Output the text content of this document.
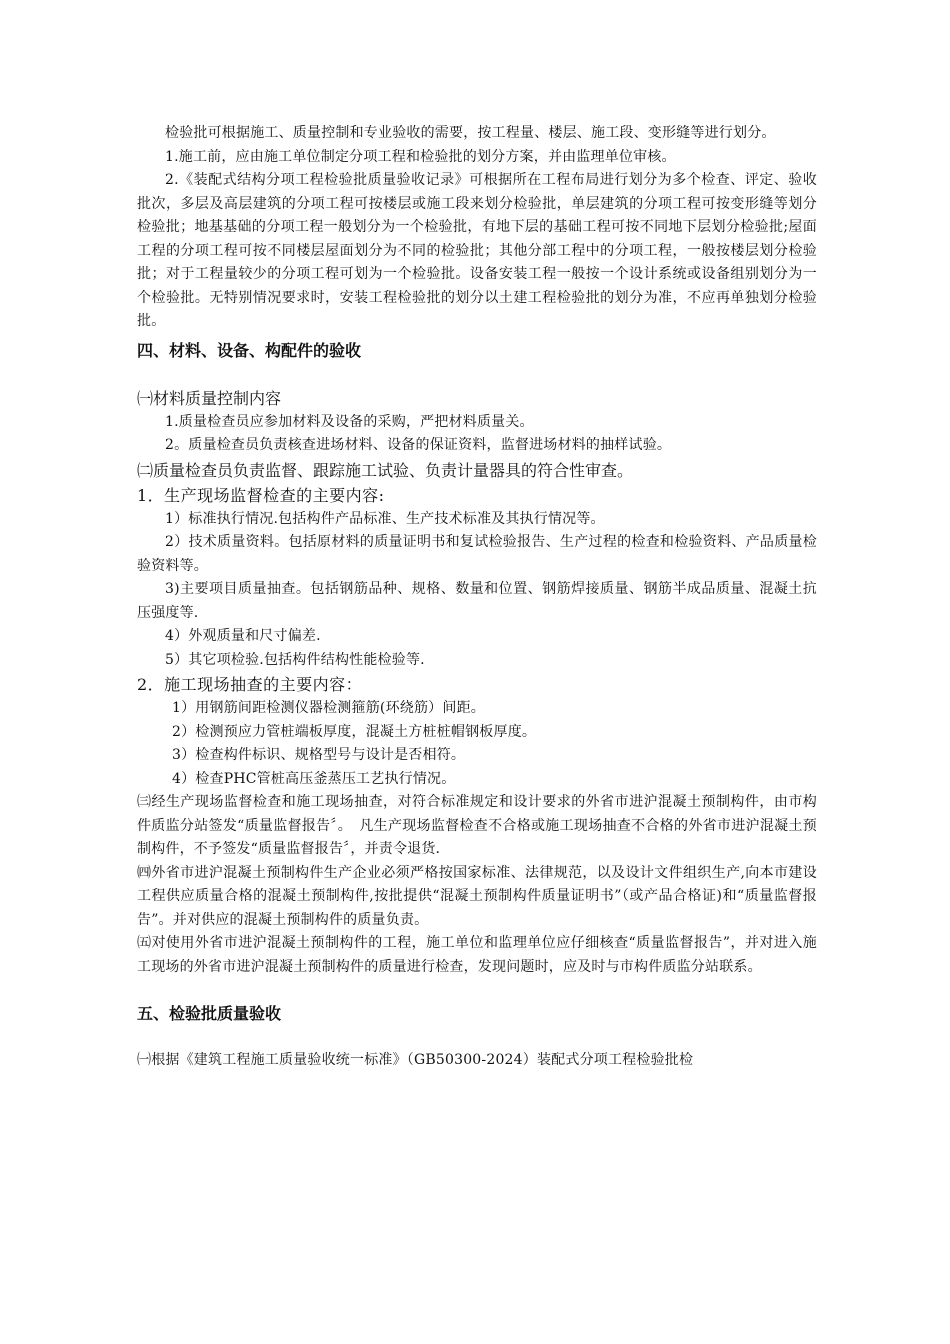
检验批可根据施工、质量控制和专业验收的需要，按工程量、楼层、施工段、变形缝等进行划分。

1.施工前，应由施工单位制定分项工程和检验批的划分方案，并由监理单位审核。

2.《装配式结构分项工程检验批质量验收记录》可根据所在工程布局进行划分为多个检查、评定、验收批次，多层及高层建筑的分项工程可按楼层或施工段来划分检验批，单层建筑的分项工程可按变形缝等划分检验批；地基基础的分项工程一般划分为一个检验批，有地下层的基础工程可按不同地下层划分检验批;屋面工程的分项工程可按不同楼层屋面划分为不同的检验批；其他分部工程中的分项工程，一般按楼层划分检验批；对于工程量较少的分项工程可划为一个检验批。设备安装工程一般按一个设计系统或设备组别划分为一个检验批。无特别情况要求时，安装工程检验批的划分以土建工程检验批的划分为准，不应再单独划分检验批。

四、材料、设备、构配件的验收

㈠材料质量控制内容

1.质量检查员应参加材料及设备的采购，严把材料质量关。

2。质量检查员负责核查进场材料、设备的保证资料，监督进场材料的抽样试验。

㈡质量检查员负责监督、跟踪施工试验、负责计量器具的符合性审查。

1．生产现场监督检查的主要内容:

1）标准执行情况.包括构件产品标准、生产技术标准及其执行情况等。

2）技术质量资料。包括原材料的质量证明书和复试检验报告、生产过程的检查和检验资料、产品质量检验资料等。

3)主要项目质量抽查。包括钢筋品种、规格、数量和位置、钢筋焊接质量、钢筋半成品质量、混凝土抗压强度等.

4）外观质量和尺寸偏差.

5）其它项检验.包括构件结构性能检验等.

2．施工现场抽查的主要内容：

1）用钢筋间距检测仪器检测箍筋(环绕筋）间距。

2）检测预应力管桩端板厚度，混凝土方桩桩帽钢板厚度。

3）检查构件标识、规格型号与设计是否相符。

4）检查PHC管桩高压釜蒸压工艺执行情况。

㈢经生产现场监督检查和施工现场抽查，对符合标准规定和设计要求的外省市进沪混凝土预制构件，由市构件质监分站签发“质量监督报告〞。　凡生产现场监督检查不合格或施工现场抽查不合格的外省市进沪混凝土预制构件，不予签发“质量监督报告〞，并责令退货.

㈣外省市进沪混凝土预制构件生产企业必须严格按国家标准、法律规范，以及设计文件组织生产,向本市建设工程供应质量合格的混凝土预制构件,按批提供“混凝土预制构件质量证明书”（或产品合格证)和“质量监督报告”。并对供应的混凝土预制构件的质量负责。

㈤对使用外省市进沪混凝土预制构件的工程，施工单位和监理单位应仔细核查“质量监督报告”，并对进入施工现场的外省市进沪混凝土预制构件的质量进行检查，发现问题时，应及时与市构件质监分站联系。

五、检验批质量验收

㈠根据《建筑工程施工质量验收统一标准》（GB50300-2024）装配式分项工程检验批检
